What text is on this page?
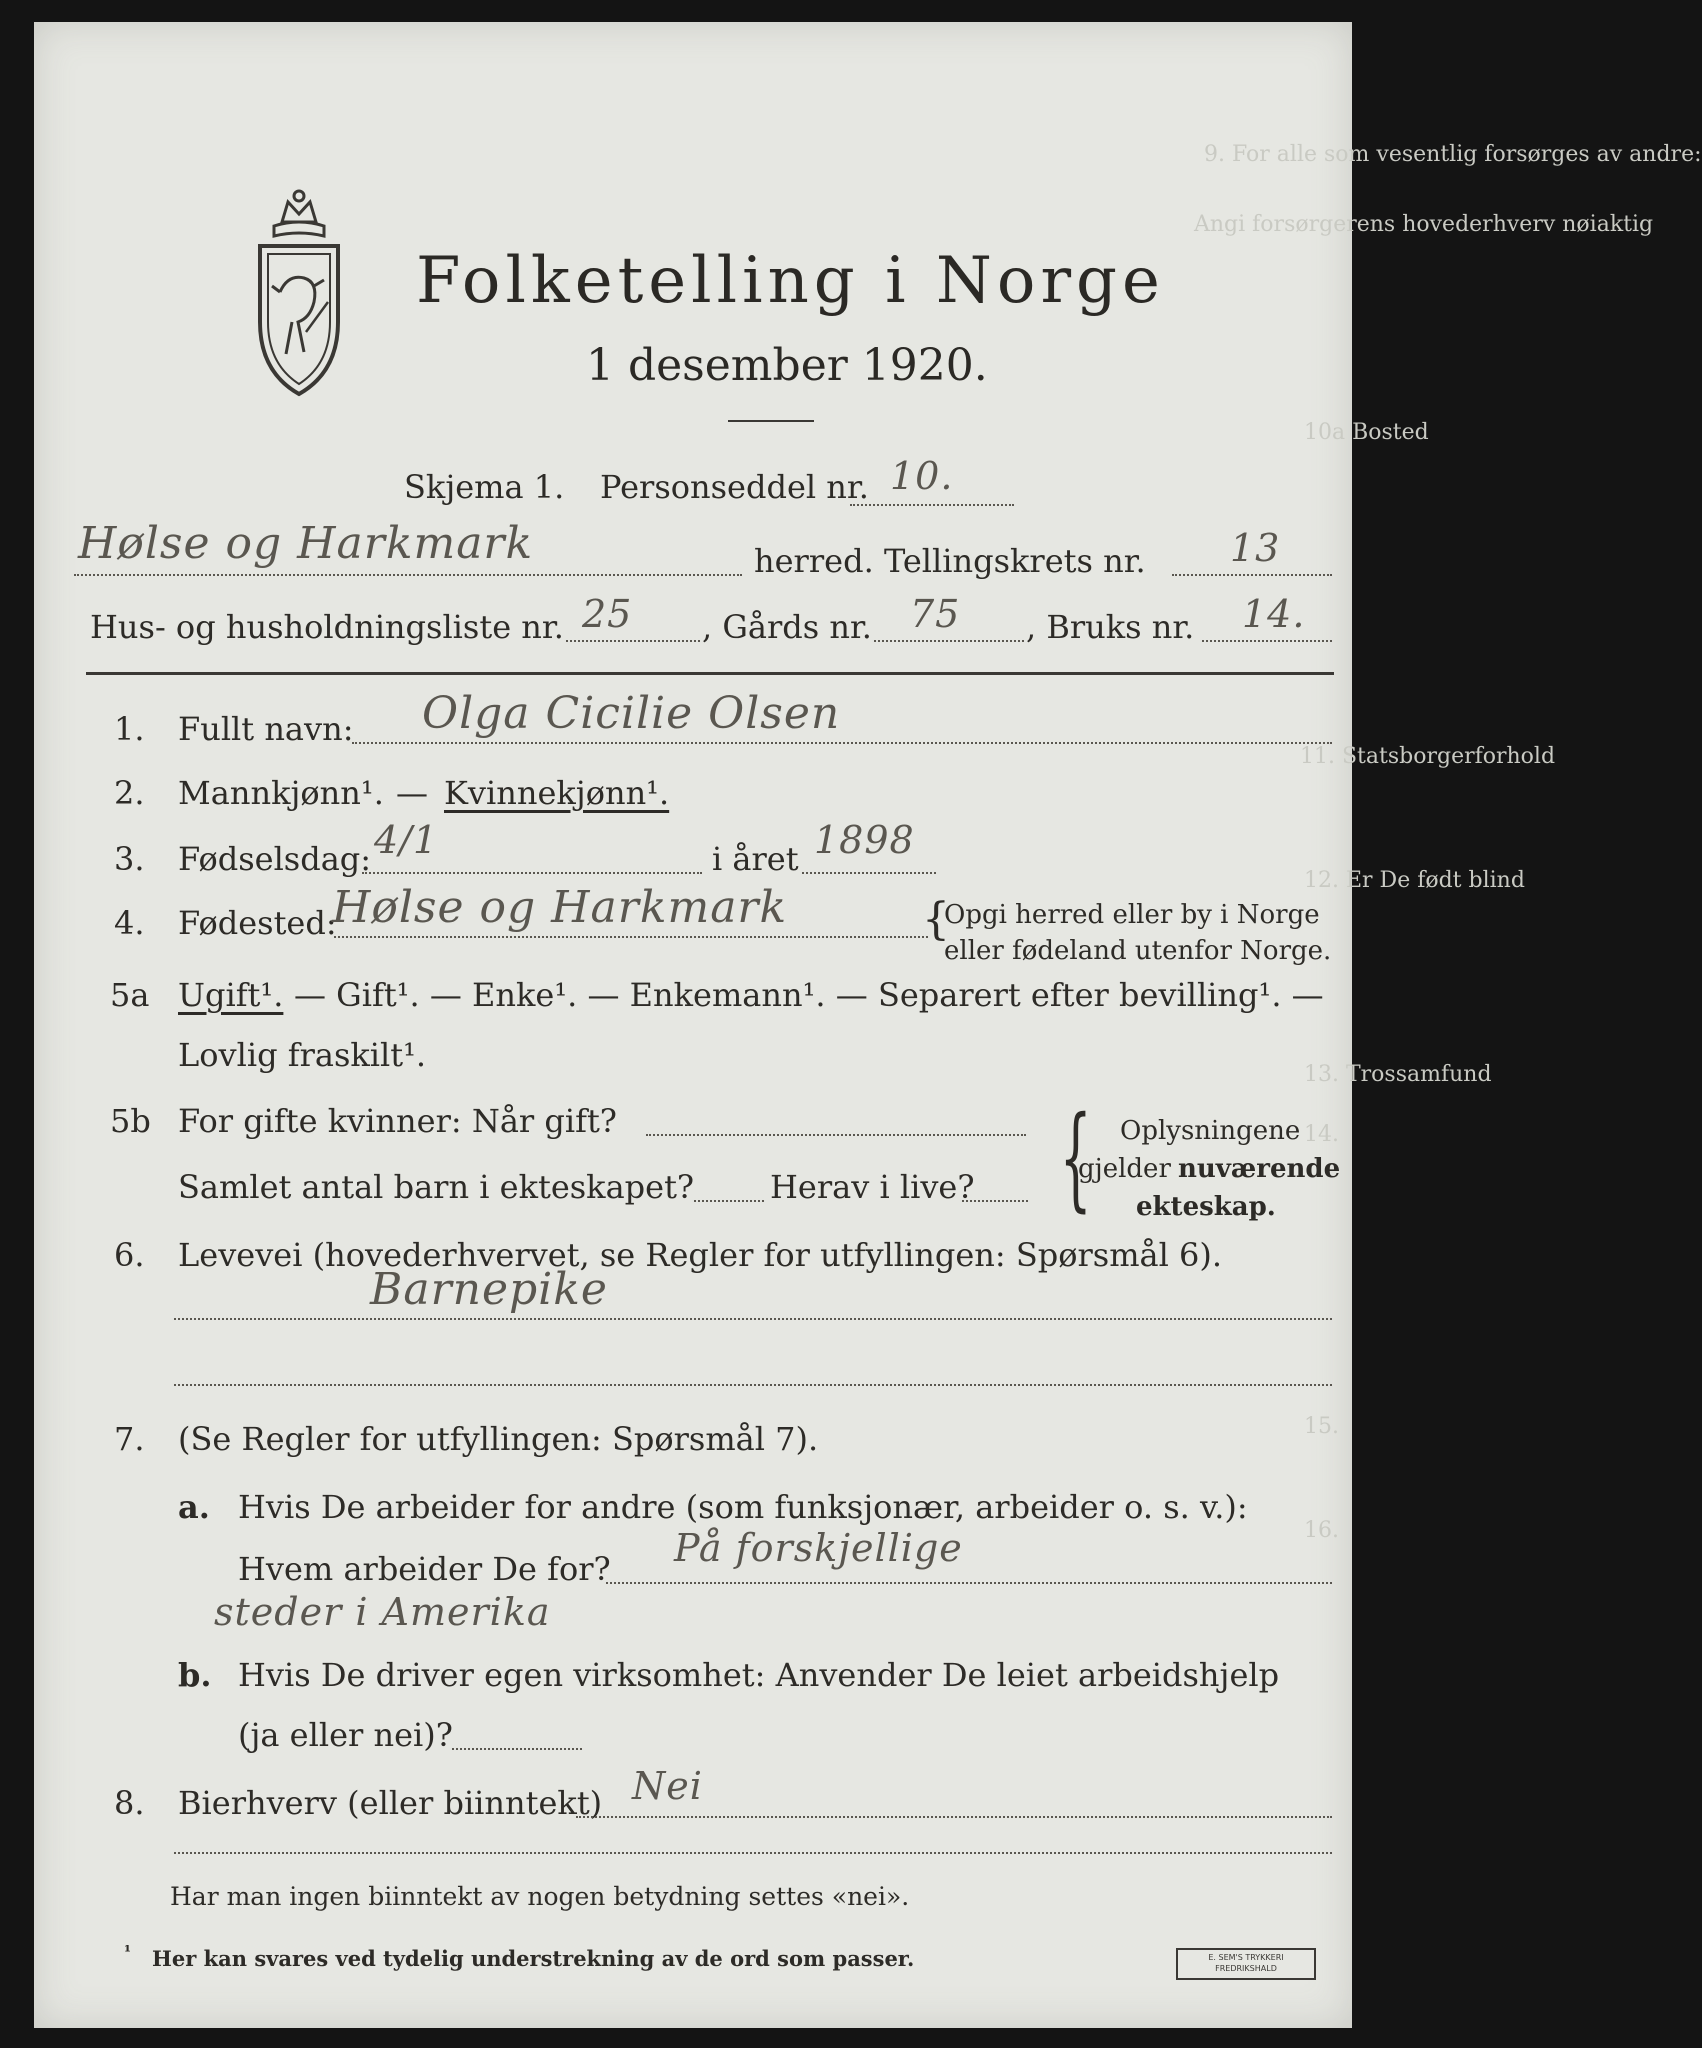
9. For alle som vesentlig forsørges av andre:
Angi forsørgerens hovederhverv nøiaktig
10a Bosted
11. Statsborgerforhold
12. Er De født blind
13. Trossamfund
14.
15.
16.
Folketelling i Norge
1 desember 1920.
Skjema 1. Personseddel nr. 10.
Hølse og Harkmark	herred. Tellingskrets nr. 13
Hus- og husholdningsliste nr. 25 , Gårds nr. 75 , Bruks nr. 14.
1. Fullt navn: Olga Cicilie Olsen
2. Mannkjønn¹. — Kvinnekjønn¹.
3. Fødselsdag: 4/1	i året 1898
4. Fødested:
Hølse og Harkmark	{
Opgi herred eller by i Norge
eller fødeland utenfor Norge.
5a Ugift¹. — Gift¹. — Enke¹. — Enkemann¹. — Separert efter bevilling¹. —
Lovlig fraskilt¹.
5b For gifte kvinner: Når gift?
Samlet antal barn i ekteskapet? Herav i live? { Oplysningene
gjelder nuværende
ekteskap.
6. Levevei (hovederhvervet, se Regler for utfyllingen: Spørsmål 6).
Barnepike
7. (Se Regler for utfyllingen: Spørsmål 7).
a. Hvis De arbeider for andre (som funksjonær, arbeider o. s. v.):
Hvem arbeider De for? På forskjellige
steder i Amerika
b. Hvis De driver egen virksomhet: Anvender De leiet arbeidshjelp
(ja eller nei)?
8. Bierhverv (eller biinntekt) Nei
Har man ingen biinntekt av nogen betydning settes «nei».
¹ Her kan svares ved tydelig understrekning av de ord som passer.	E. SEM'S TRYKKERI
FREDRIKSHALD
